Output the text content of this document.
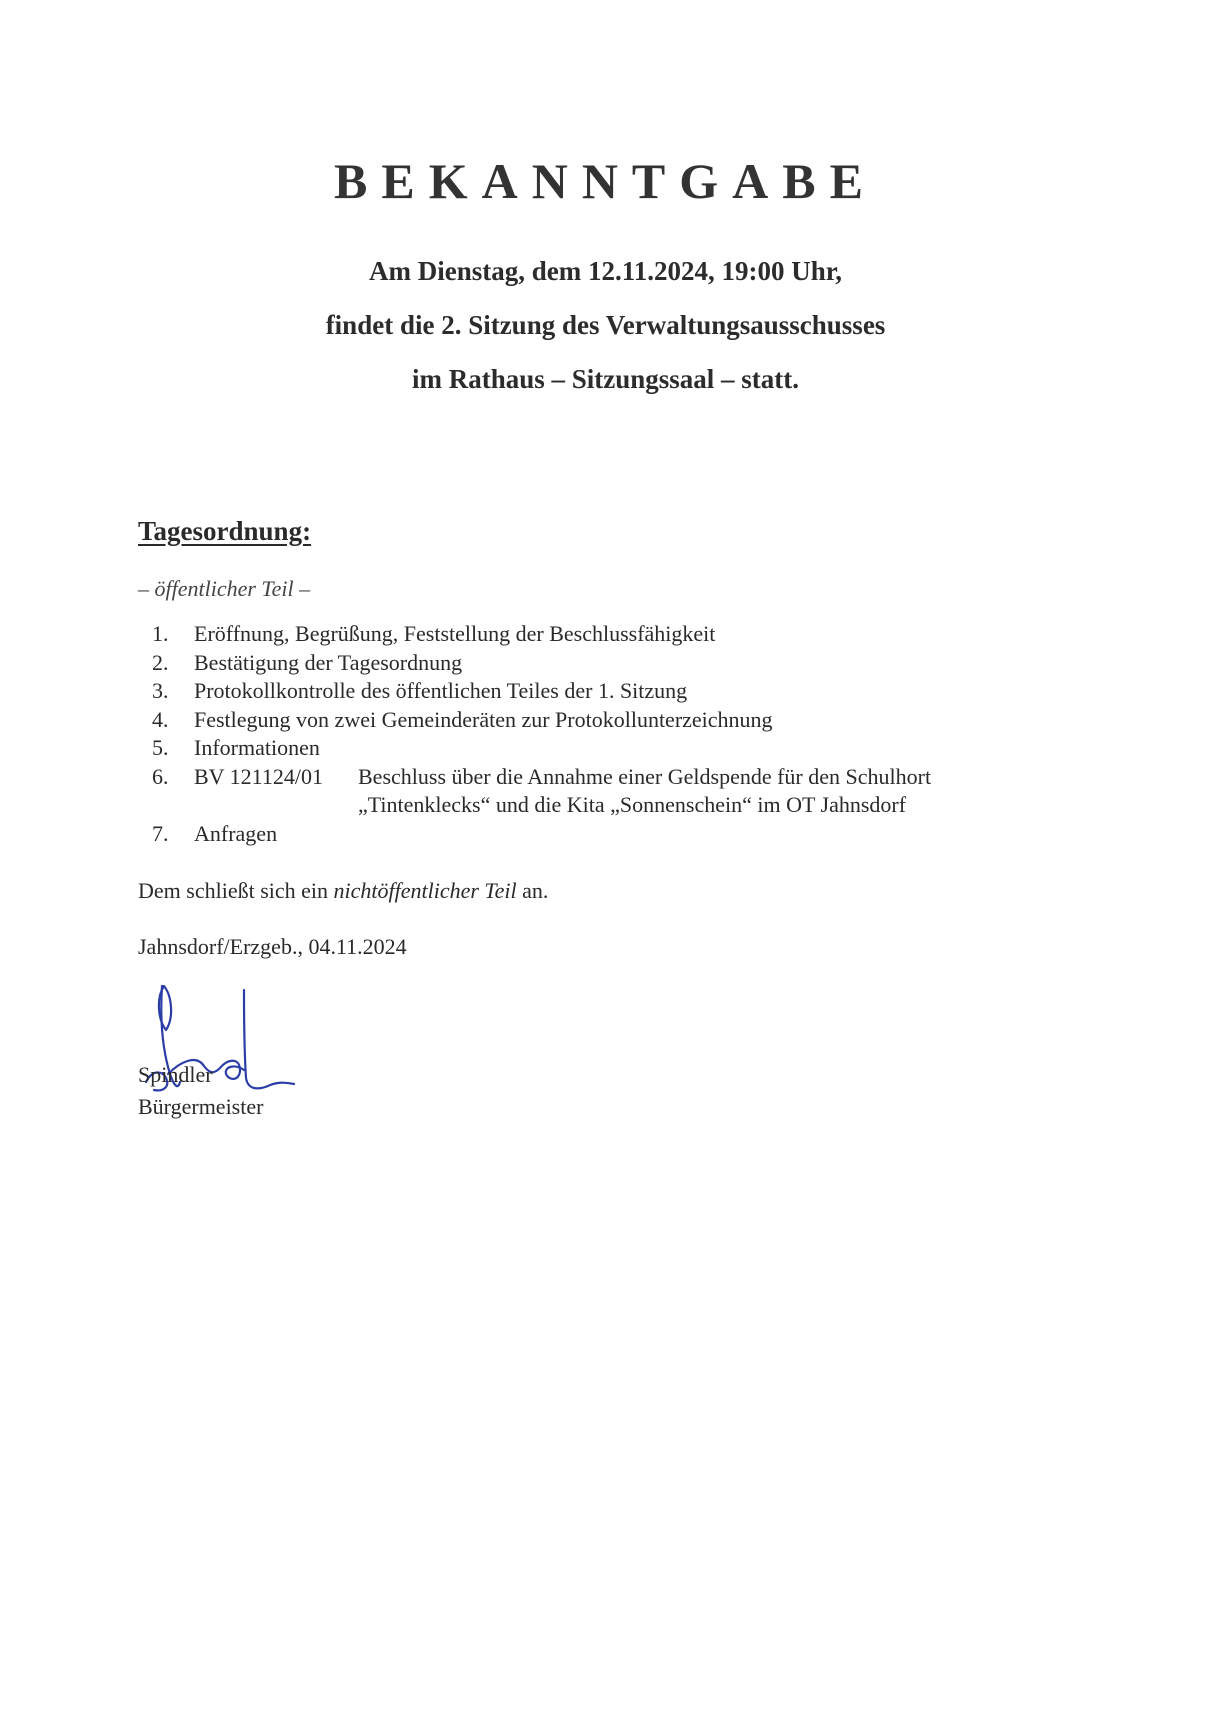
BEKANNTGABE
Am Dienstag, dem 12.11.2024, 19:00 Uhr,
findet die 2. Sitzung des Verwaltungsausschusses
im Rathaus – Sitzungssaal – statt.
Tagesordnung:
– öffentlicher Teil –
1.	Eröffnung, Begrüßung, Feststellung der Beschlussfähigkeit
2.	Bestätigung der Tagesordnung
3.	Protokollkontrolle des öffentlichen Teiles der 1. Sitzung
4.	Festlegung von zwei Gemeinderäten zur Protokollunterzeichnung
5.	Informationen
6.	BV 121124/01 Beschluss über die Annahme einer Geldspende für den Schulhort
„Tintenklecks“ und die Kita „Sonnenschein“ im OT Jahnsdorf
7.	Anfragen
Dem schließt sich ein nichtöffentlicher Teil an.
Jahnsdorf/Erzgeb., 04.11.2024
Spindler
Bürgermeister
